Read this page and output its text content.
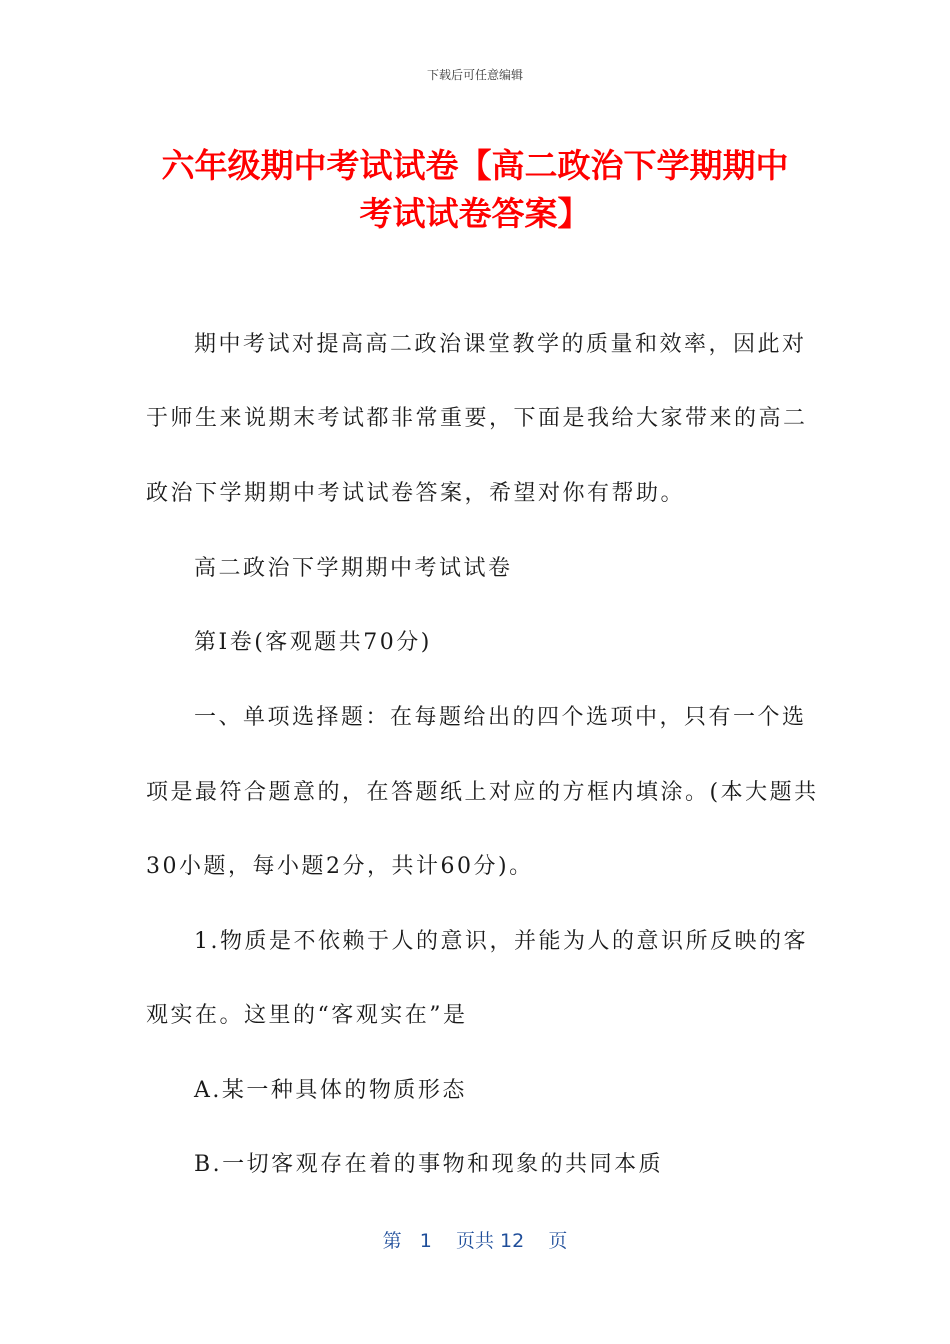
下载后可任意编辑
六年级期中考试试卷【高二政治下学期期中
考试试卷答案】
期中考试对提高高二政治课堂教学的质量和效率，因此对
于师生来说期末考试都非常重要，下面是我给大家带来的高二
政治下学期期中考试试卷答案，希望对你有帮助。
高二政治下学期期中考试试卷
第Ⅰ卷(客观题共70分)
一、单项选择题：在每题给出的四个选项中，只有一个选
项是最符合题意的，在答题纸上对应的方框内填涂。(本大题共
30小题，每小题2分，共计60分)。
1.物质是不依赖于人的意识，并能为人的意识所反映的客
观实在。这里的“客观实在”是
A.某一种具体的物质形态
B.一切客观存在着的事物和现象的共同本质
第 1 页共 12 页
